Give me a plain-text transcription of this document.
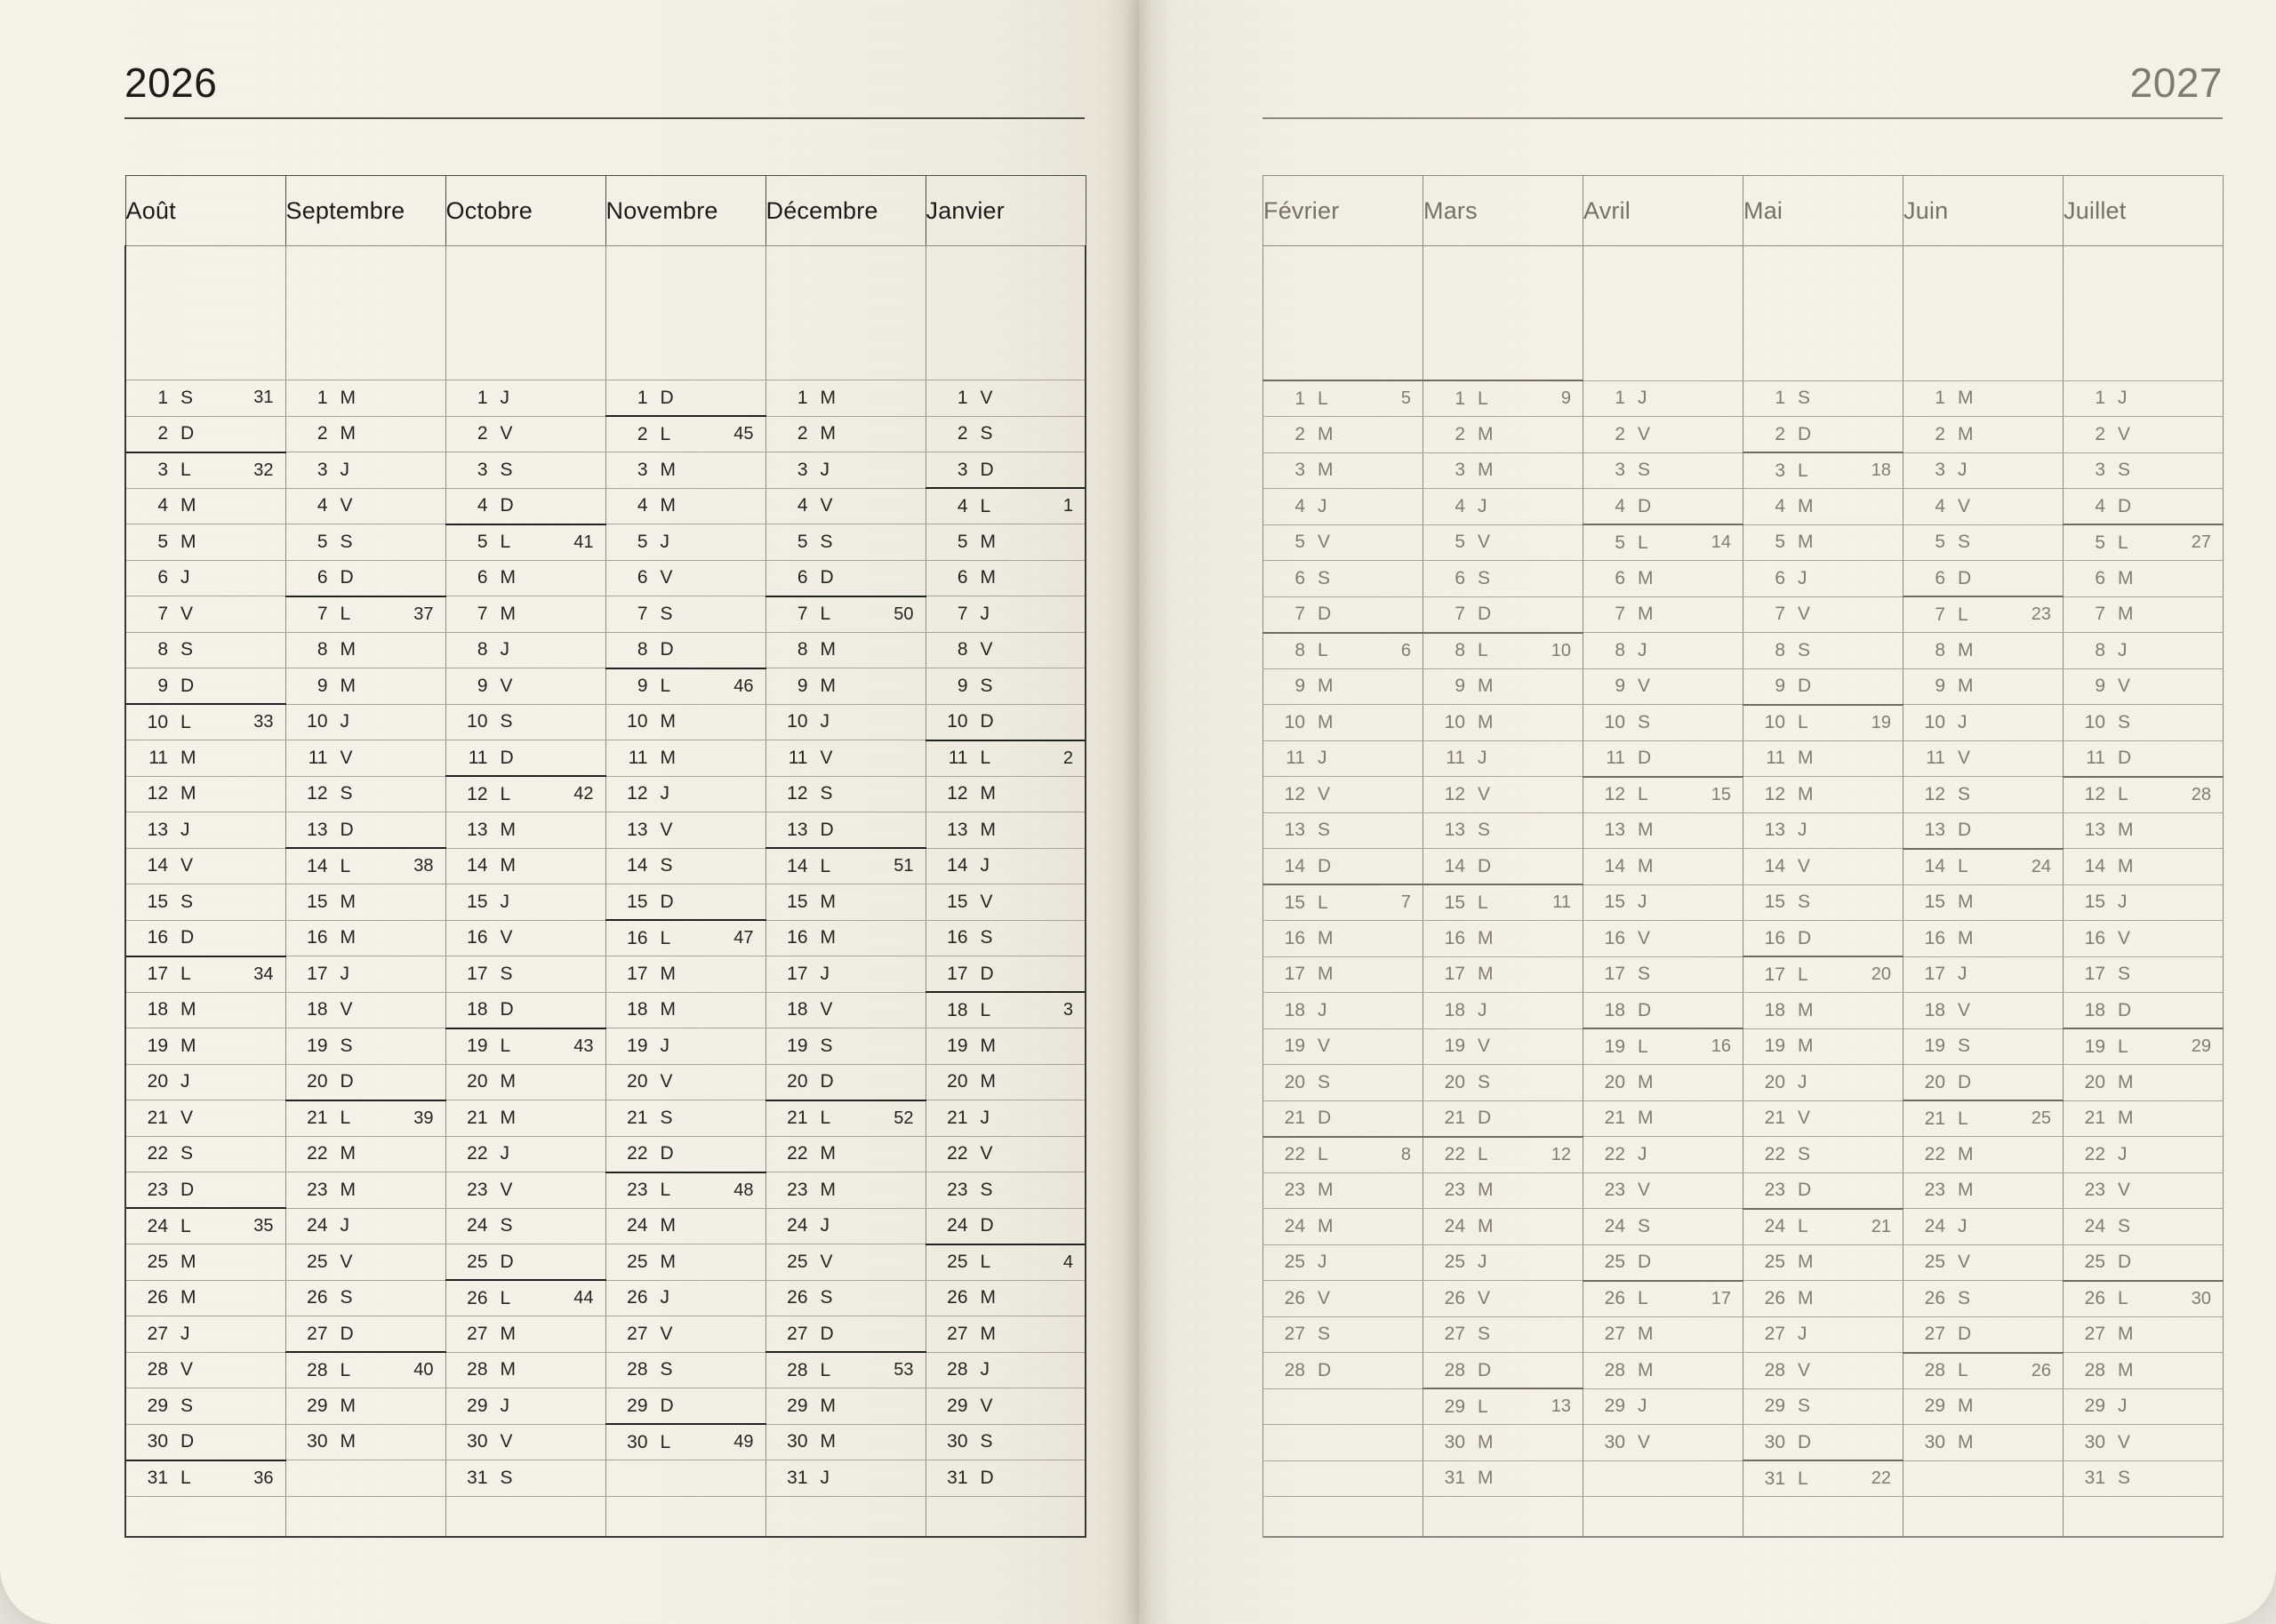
2026	2027
Août	Septembre	Octobre	Novembre	Décembre	Janvier

1 S 31	1 M	1 J	1 D	1 M	1 V

2 D	2 M	2 V	2 L 45	2 M	2 S

3 L 32	3 J	3 S	3 M	3 J	3 D

4 M	4 V	4 D	4 M	4 V	4 L 1

5 M	5 S	5 L 41	5 J	5 S	5 M

6 J	6 D	6 M	6 V	6 D	6 M

7 V	7 L 37	7 M	7 S	7 L 50	7 J

8 S	8 M	8 J	8 D	8 M	8 V

9 D	9 M	9 V	9 L 46	9 M	9 S

10 L 33	10 J	10 S	10 M	10 J	10 D

11 M	11 V	11 D	11 M	11 V	11 L 2

12 M	12 S	12 L 42	12 J	12 S	12 M

13 J	13 D	13 M	13 V	13 D	13 M

14 V	14 L 38	14 M	14 S	14 L 51	14 J

15 S	15 M	15 J	15 D	15 M	15 V

16 D	16 M	16 V	16 L 47	16 M	16 S

17 L 34	17 J	17 S	17 M	17 J	17 D

18 M	18 V	18 D	18 M	18 V	18 L 3

19 M	19 S	19 L 43	19 J	19 S	19 M

20 J	20 D	20 M	20 V	20 D	20 M

21 V	21 L 39	21 M	21 S	21 L 52	21 J

22 S	22 M	22 J	22 D	22 M	22 V

23 D	23 M	23 V	23 L 48	23 M	23 S

24 L 35	24 J	24 S	24 M	24 J	24 D

25 M	25 V	25 D	25 M	25 V	25 L 4

26 M	26 S	26 L 44	26 J	26 S	26 M

27 J	27 D	27 M	27 V	27 D	27 M

28 V	28 L 40	28 M	28 S	28 L 53	28 J

29 S	29 M	29 J	29 D	29 M	29 V

30 D	30 M	30 V	30 L 49	30 M	30 S

31 L 36		31 S		31 J	31 D

Février	Mars	Avril	Mai	Juin	Juillet

1 L 5	1 L 9	1 J	1 S	1 M	1 J

2 M	2 M	2 V	2 D	2 M	2 V

3 M	3 M	3 S	3 L 18	3 J	3 S

4 J	4 J	4 D	4 M	4 V	4 D

5 V	5 V	5 L 14	5 M	5 S	5 L 27

6 S	6 S	6 M	6 J	6 D	6 M

7 D	7 D	7 M	7 V	7 L 23	7 M

8 L 6	8 L 10	8 J	8 S	8 M	8 J

9 M	9 M	9 V	9 D	9 M	9 V

10 M	10 M	10 S	10 L 19	10 J	10 S

11 J	11 J	11 D	11 M	11 V	11 D

12 V	12 V	12 L 15	12 M	12 S	12 L 28

13 S	13 S	13 M	13 J	13 D	13 M

14 D	14 D	14 M	14 V	14 L 24	14 M

15 L 7	15 L 11	15 J	15 S	15 M	15 J

16 M	16 M	16 V	16 D	16 M	16 V

17 M	17 M	17 S	17 L 20	17 J	17 S

18 J	18 J	18 D	18 M	18 V	18 D

19 V	19 V	19 L 16	19 M	19 S	19 L 29

20 S	20 S	20 M	20 J	20 D	20 M

21 D	21 D	21 M	21 V	21 L 25	21 M

22 L 8	22 L 12	22 J	22 S	22 M	22 J

23 M	23 M	23 V	23 D	23 M	23 V

24 M	24 M	24 S	24 L 21	24 J	24 S

25 J	25 J	25 D	25 M	25 V	25 D

26 V	26 V	26 L 17	26 M	26 S	26 L 30

27 S	27 S	27 M	27 J	27 D	27 M

28 D	28 D	28 M	28 V	28 L 26	28 M

	29 L 13	29 J	29 S	29 M	29 J

	30 M	30 V	30 D	30 M	30 V

	31 M		31 L 22		31 S
